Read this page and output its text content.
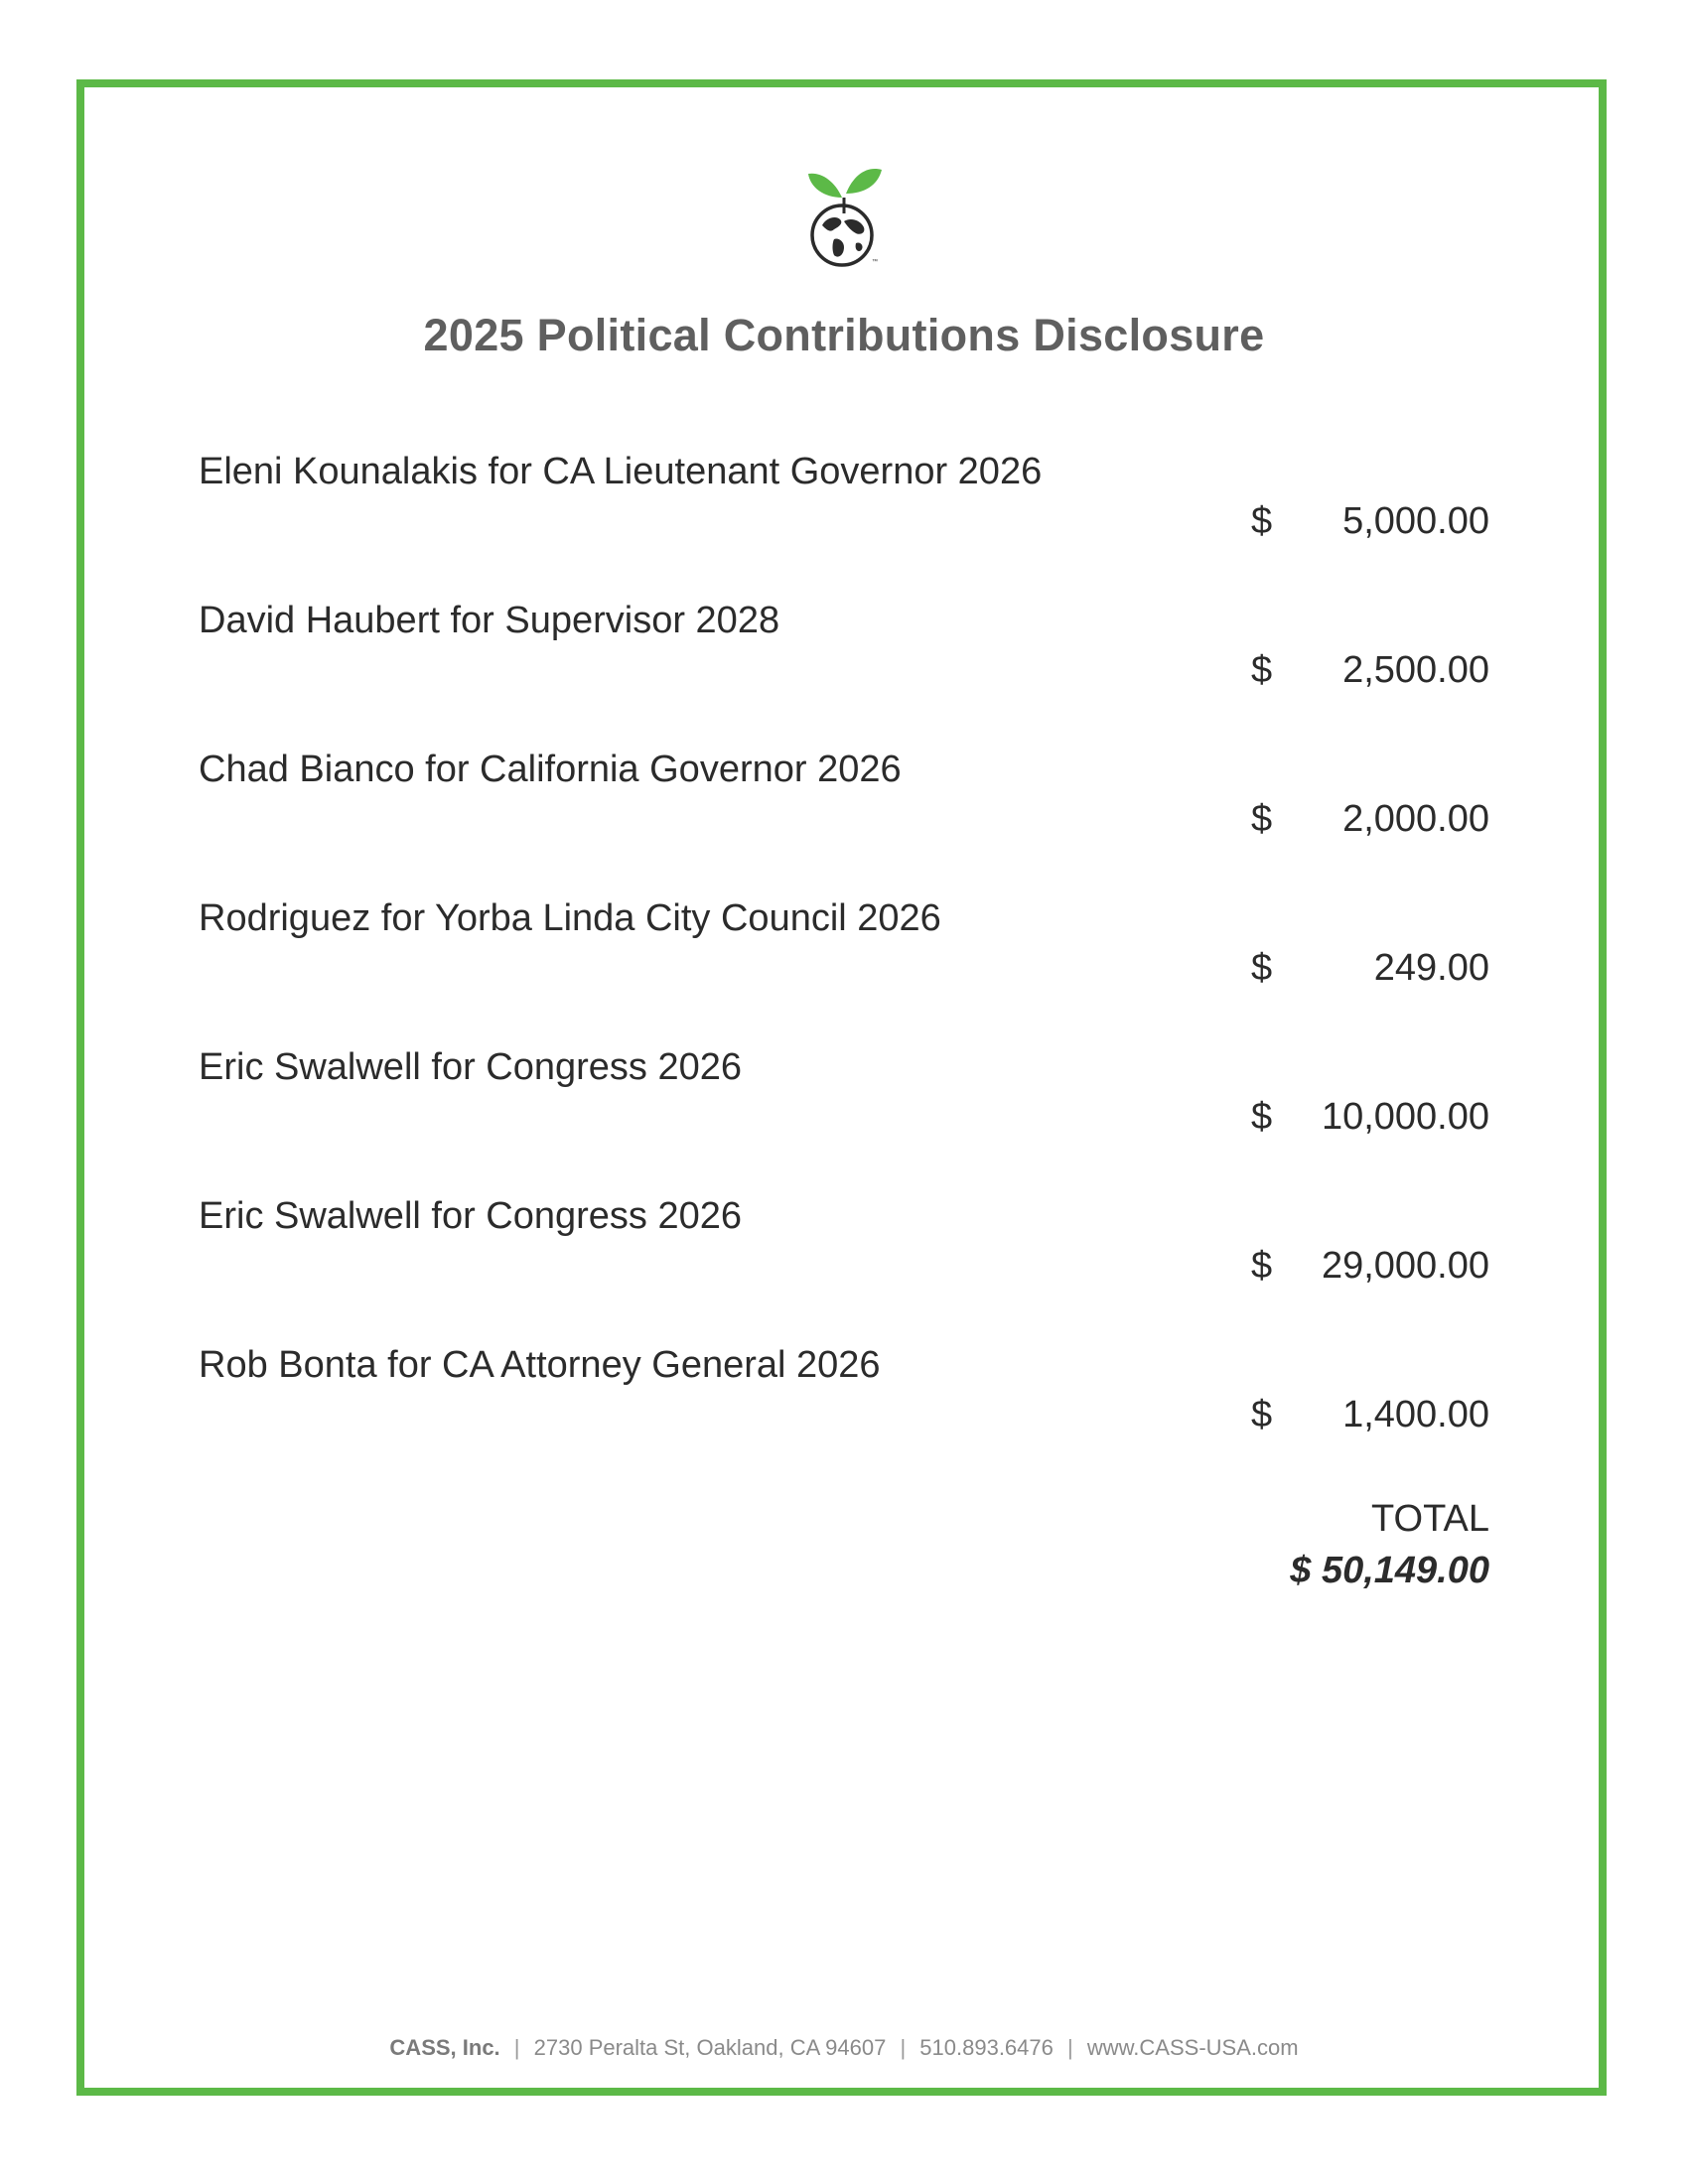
™
2025 Political Contributions Disclosure
Eleni Kounalakis for CA Lieutenant Governor 2026
$ 5,000.00
David Haubert for Supervisor 2028
$ 2,500.00
Chad Bianco for California Governor 2026
$ 2,000.00
Rodriguez for Yorba Linda City Council 2026
$	249.00
Eric Swalwell for Congress 2026
$ 10,000.00
Eric Swalwell for Congress 2026
$ 29,000.00
Rob Bonta for CA Attorney General 2026
$ 1,400.00
TOTAL
$ 50,149.00
CASS, Inc. | 2730 Peralta St, Oakland, CA 94607 | 510.893.6476 | www.CASS-USA.com
